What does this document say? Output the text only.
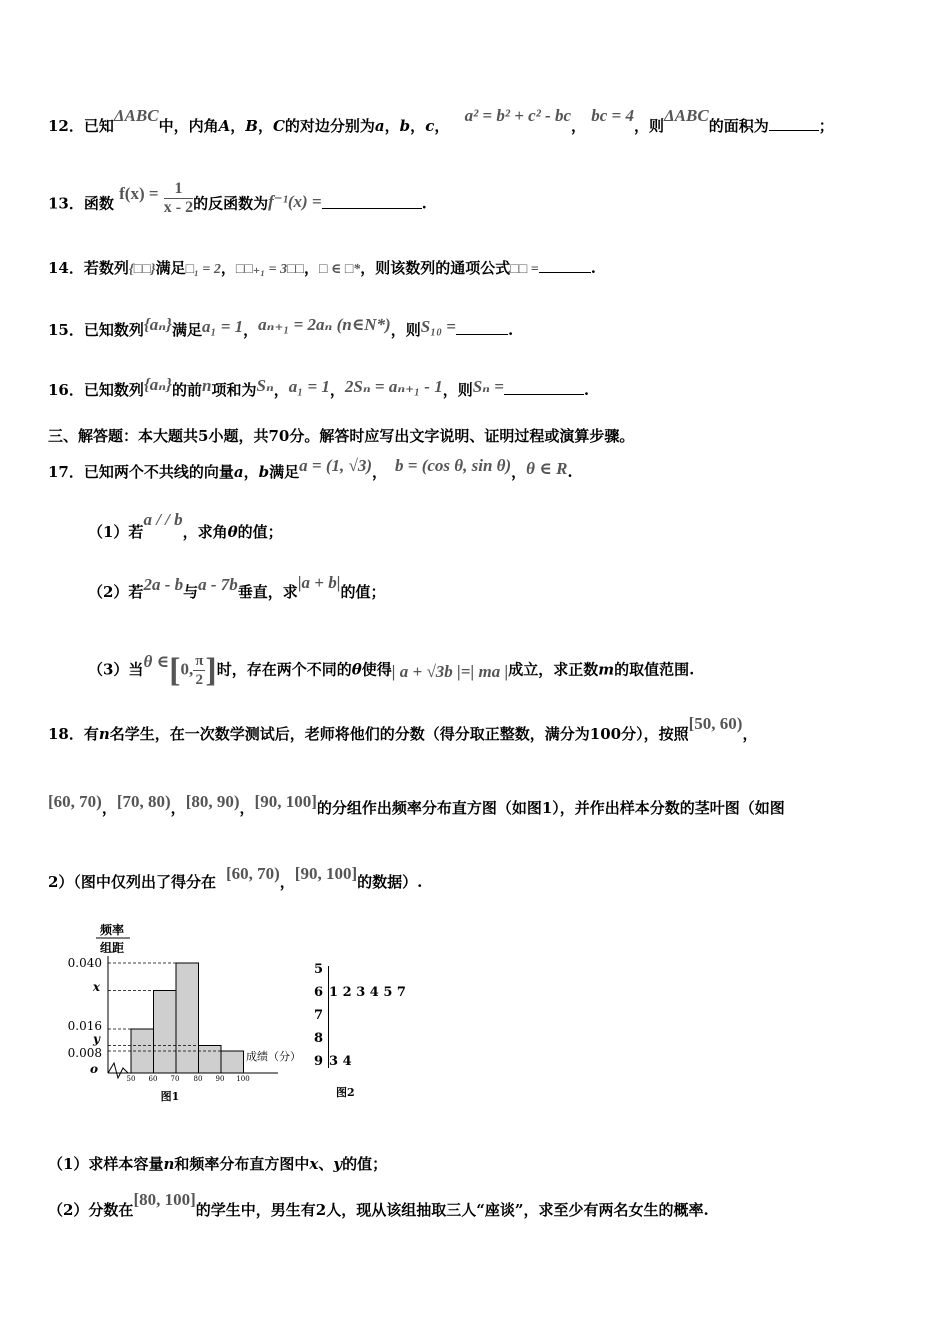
12．已知ΔABC中，内角A，B，C的对边分别为a，b，c， a² = b² + c² - bc， bc = 4，则ΔABC的面积为	；
13．函数 $f(x) = \frac{1}{x - 2}$ 的反函数为f⁻¹(x) =	.
14．若数列{□□}满足□₁ = 2，□□₊₁ = 3□□，□ ∈ □*，则该数列的通项公式□□ =	.
15．已知数列{aₙ}满足a₁ = 1，aₙ₊₁ = 2aₙ (n∈N*)，则S₁₀ =	.
16．已知数列{aₙ}的前n项和为Sₙ，a₁ = 1，2Sₙ = aₙ₊₁ - 1，则Sₙ =	.
三、解答题：本大题共5小题，共70分。解答时应写出文字说明、证明过程或演算步骤。
17．已知两个不共线的向量a，b满足a = (1, √3)， b = (cos θ, sin θ)，θ ∈ R.
（1）若a / / b，求角θ的值；
（2）若2a - b与a - 7b垂直，求|a + b|的值；
（3）当θ ∈[0, $\frac{\pi}{2}$ ]时，存在两个不同的θ使得| a + √3b |=| ma |成立，求正数m的取值范围.
18．有n名学生，在一次数学测试后，老师将他们的分数（得分取正整数，满分为100分），按照[50, 60)，
[60, 70)，[70, 80)，[80, 90)，[90, 100]的分组作出频率分布直方图（如图1），并作出样本分数的茎叶图（如图
2）（图中仅列出了得分在 [60, 70)，[90, 100]的数据）.
频率
组距
0.040
x
0.016
y
0.008
o
50 60 70 80 90 100
成绩（分）
图1
5
6 1 2 3 4 5 7
7
8
9 3 4
图2
（1）求样本容量n和频率分布直方图中x、y的值；
（2）分数在[80, 100]的学生中，男生有2人，现从该组抽取三人“座谈”，求至少有两名女生的概率.
